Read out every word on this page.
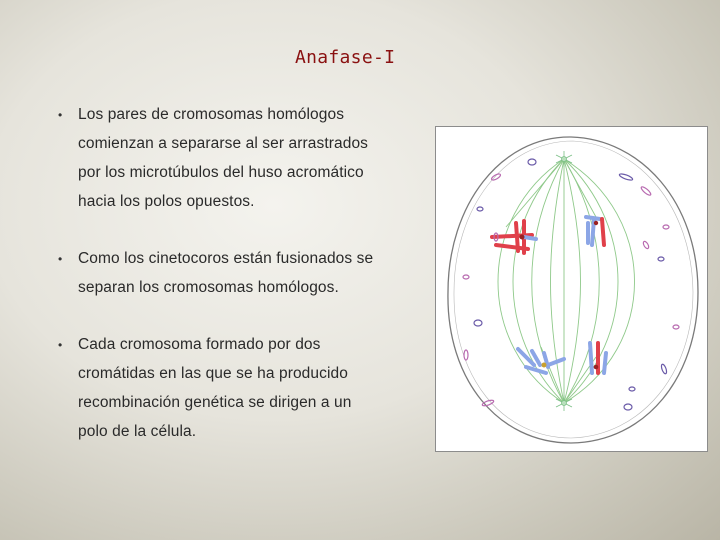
Anafase-I
• Los pares de cromosomas homólogos
comienzan a separarse al ser arrastrados
por los microtúbulos del huso acromático
hacia los polos opuestos.
• Como los cinetocoros están fusionados se
separan los cromosomas homólogos.
• Cada cromosoma formado por dos
cromátidas en las que se ha producido
recombinación genética se dirigen a un
polo de la célula.
